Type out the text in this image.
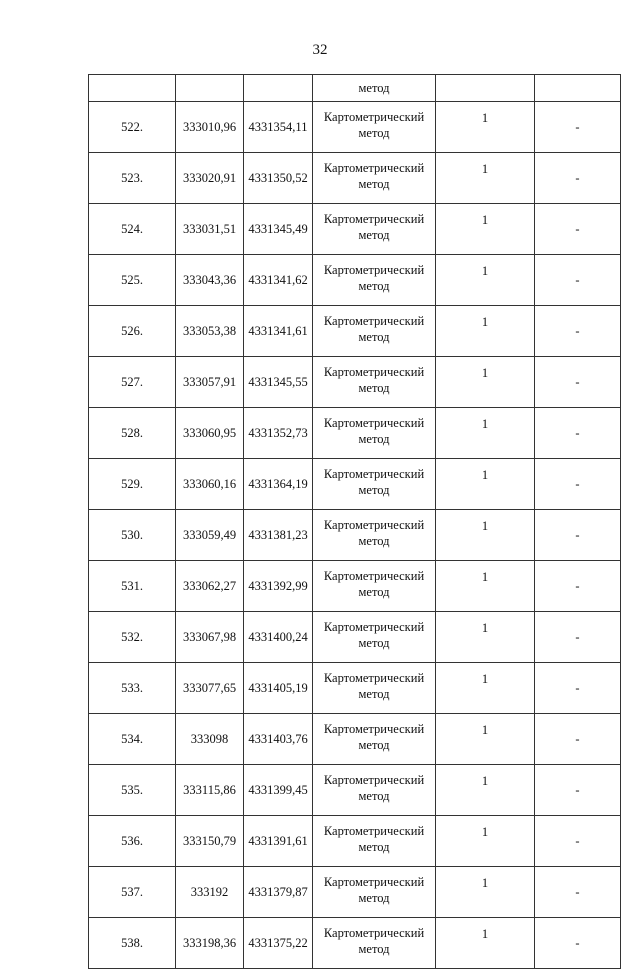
32
			метод		
522.	333010,96	4331354,11	Картометрический
метод	1	-
523.	333020,91	4331350,52	Картометрический
метод	1	-
524.	333031,51	4331345,49	Картометрический
метод	1	-
525.	333043,36	4331341,62	Картометрический
метод	1	-
526.	333053,38	4331341,61	Картометрический
метод	1	-
527.	333057,91	4331345,55	Картометрический
метод	1	-
528.	333060,95	4331352,73	Картометрический
метод	1	-
529.	333060,16	4331364,19	Картометрический
метод	1	-
530.	333059,49	4331381,23	Картометрический
метод	1	-
531.	333062,27	4331392,99	Картометрический
метод	1	-
532.	333067,98	4331400,24	Картометрический
метод	1	-
533.	333077,65	4331405,19	Картометрический
метод	1	-
534.	333098	4331403,76	Картометрический
метод	1	-
535.	333115,86	4331399,45	Картометрический
метод	1	-
536.	333150,79	4331391,61	Картометрический
метод	1	-
537.	333192	4331379,87	Картометрический
метод	1	-
538.	333198,36	4331375,22	Картометрический
метод	1	-
